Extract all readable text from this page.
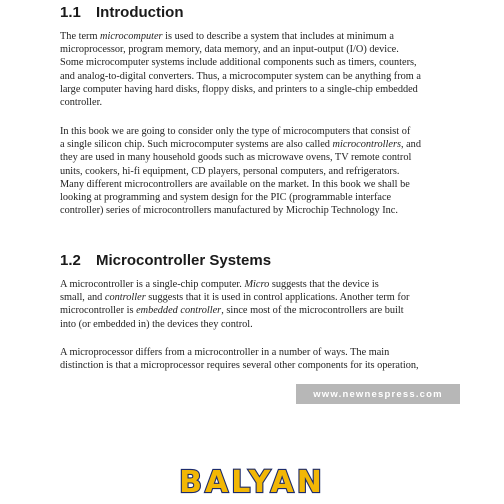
1.1 Introduction
The term microcomputer is used to describe a system that includes at minimum a
microprocessor, program memory, data memory, and an input-output (I/O) device.
Some microcomputer systems include additional components such as timers, counters,
and analog-to-digital converters. Thus, a microcomputer system can be anything from a
large computer having hard disks, floppy disks, and printers to a single-chip embedded
controller.
In this book we are going to consider only the type of microcomputers that consist of
a single silicon chip. Such microcomputer systems are also called microcontrollers, and
they are used in many household goods such as microwave ovens, TV remote control
units, cookers, hi-fi equipment, CD players, personal computers, and refrigerators.
Many different microcontrollers are available on the market. In this book we shall be
looking at programming and system design for the PIC (programmable interface
controller) series of microcontrollers manufactured by Microchip Technology Inc.
1.2 Microcontroller Systems
A microcontroller is a single-chip computer. Micro suggests that the device is
small, and controller suggests that it is used in control applications. Another term for
microcontroller is embedded controller, since most of the microcontrollers are built
into (or embedded in) the devices they control.
A microprocessor differs from a microcontroller in a number of ways. The main
distinction is that a microprocessor requires several other components for its operation,
www.newnespress.com
BALYAN
